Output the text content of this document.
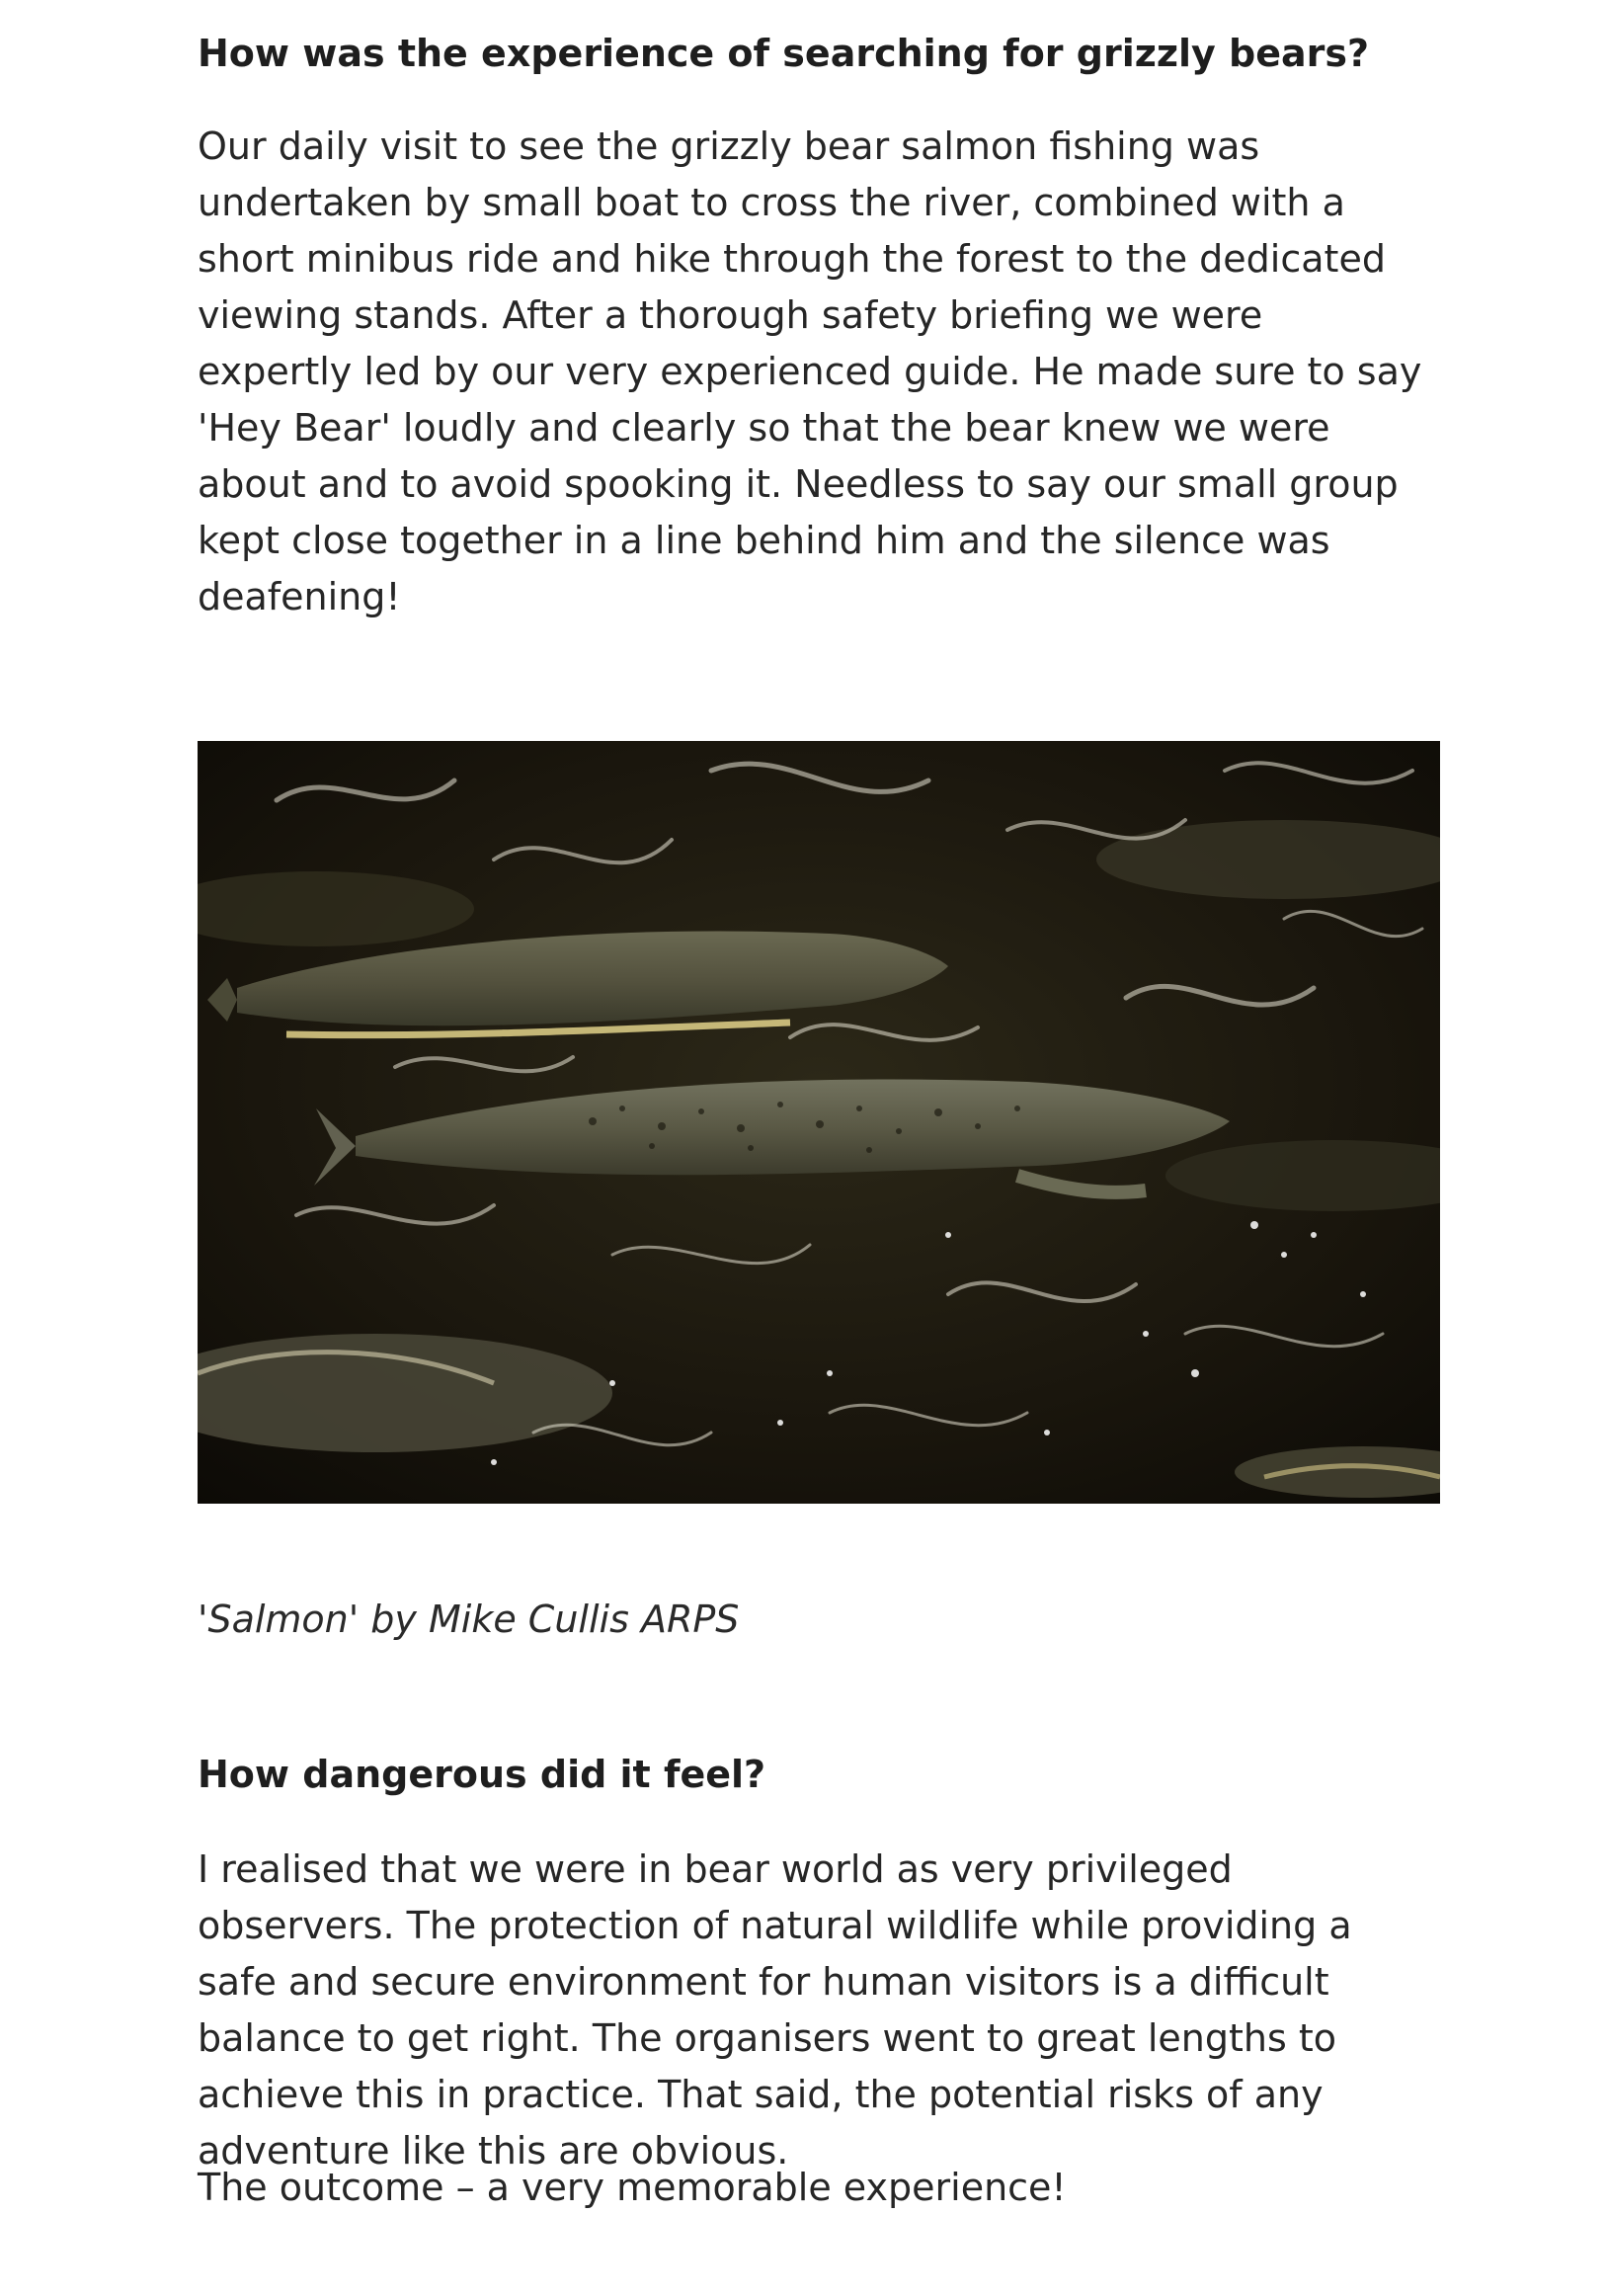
How was the experience of searching for grizzly bears?

Our daily visit to see the grizzly bear salmon fishing was undertaken by small boat to cross the river, combined with a short minibus ride and hike through the forest to the dedicated viewing stands. After a thorough safety briefing we were expertly led by our very experienced guide. He made sure to say 'Hey Bear' loudly and clearly so that the bear knew we were about and to avoid spooking it. Needless to say our small group kept close together in a line behind him and the silence was deafening!

'Salmon' by Mike Cullis ARPS

How dangerous did it feel?

I realised that we were in bear world as very privileged observers. The protection of natural wildlife while providing a safe and secure environment for human visitors is a difficult balance to get right. The organisers went to great lengths to achieve this in practice. That said, the potential risks of any adventure like this are obvious.

The outcome – a very memorable experience!
